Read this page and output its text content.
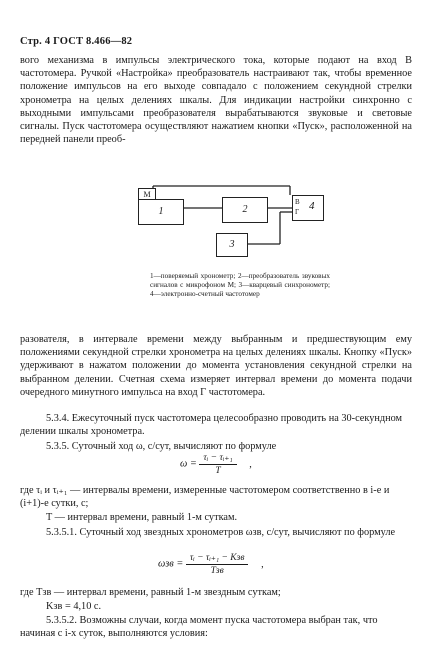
Стр. 4 ГОСТ 8.466—82

вого механизма в импульсы электрического тока, которые подают на вход В частотомера. Ручкой «Настройка» преобразователь настраивают так, чтобы временное положение импульсов на его выходе совпадало с положением секундной стрелки хронометра на целых делениях шкалы. Для индикации настройки синхронно с выходными импульсами преобразователя вырабатываются звуковые и световые сигналы. Пуск частотомера осуществляют нажатием кнопки «Пуск», расположенной на передней панели преоб-

М
1	2
3
В
Г 4
1—поверяемый хронометр; 2—преобразователь звуковых сигналов с микрофоном М; 3—кварцевый синхронометр; 4—электронно-счетный частотомер

разователя, в интервале времени между выбранным и предшествующим ему положениями секундной стрелки хронометра на целых делениях шкалы. Кнопку «Пуск» удерживают в нажатом положении до момента установления секундной стрелки на выбранном делении. Счетная схема измеряет интервал времени до момента подачи очередного минутного импульса на вход Г частотомера.

5.3.4. Ежесуточный пуск частотомера целесообразно проводить на 30-секундном делении шкалы хронометра.
5.3.5. Суточный ход ω, с/сут, вычисляют по формуле
$\omega = \frac{\text{τᵢ − τᵢ₊₁}}{T}$ ,
где τᵢ и τᵢ₊₁ — интервалы времени, измеренные частотомером соответственно в i-е и (i+1)-е сутки, с;
T — интервал времени, равный 1-м суткам.
5.3.5.1. Суточный ход звездных хронометров ωзв, с/сут, вычисляют по формуле
$\omega зв = \frac{\text{τᵢ − τᵢ₊₁ − Kзв}}{\text{Tзв}}$ ,
где Tзв — интервал времени, равный 1-м звездным суткам;
Kзв = 4,10 с.
5.3.5.2. Возможны случаи, когда момент пуска частотомера выбран так, что начиная с i-х суток, выполняются условия:
